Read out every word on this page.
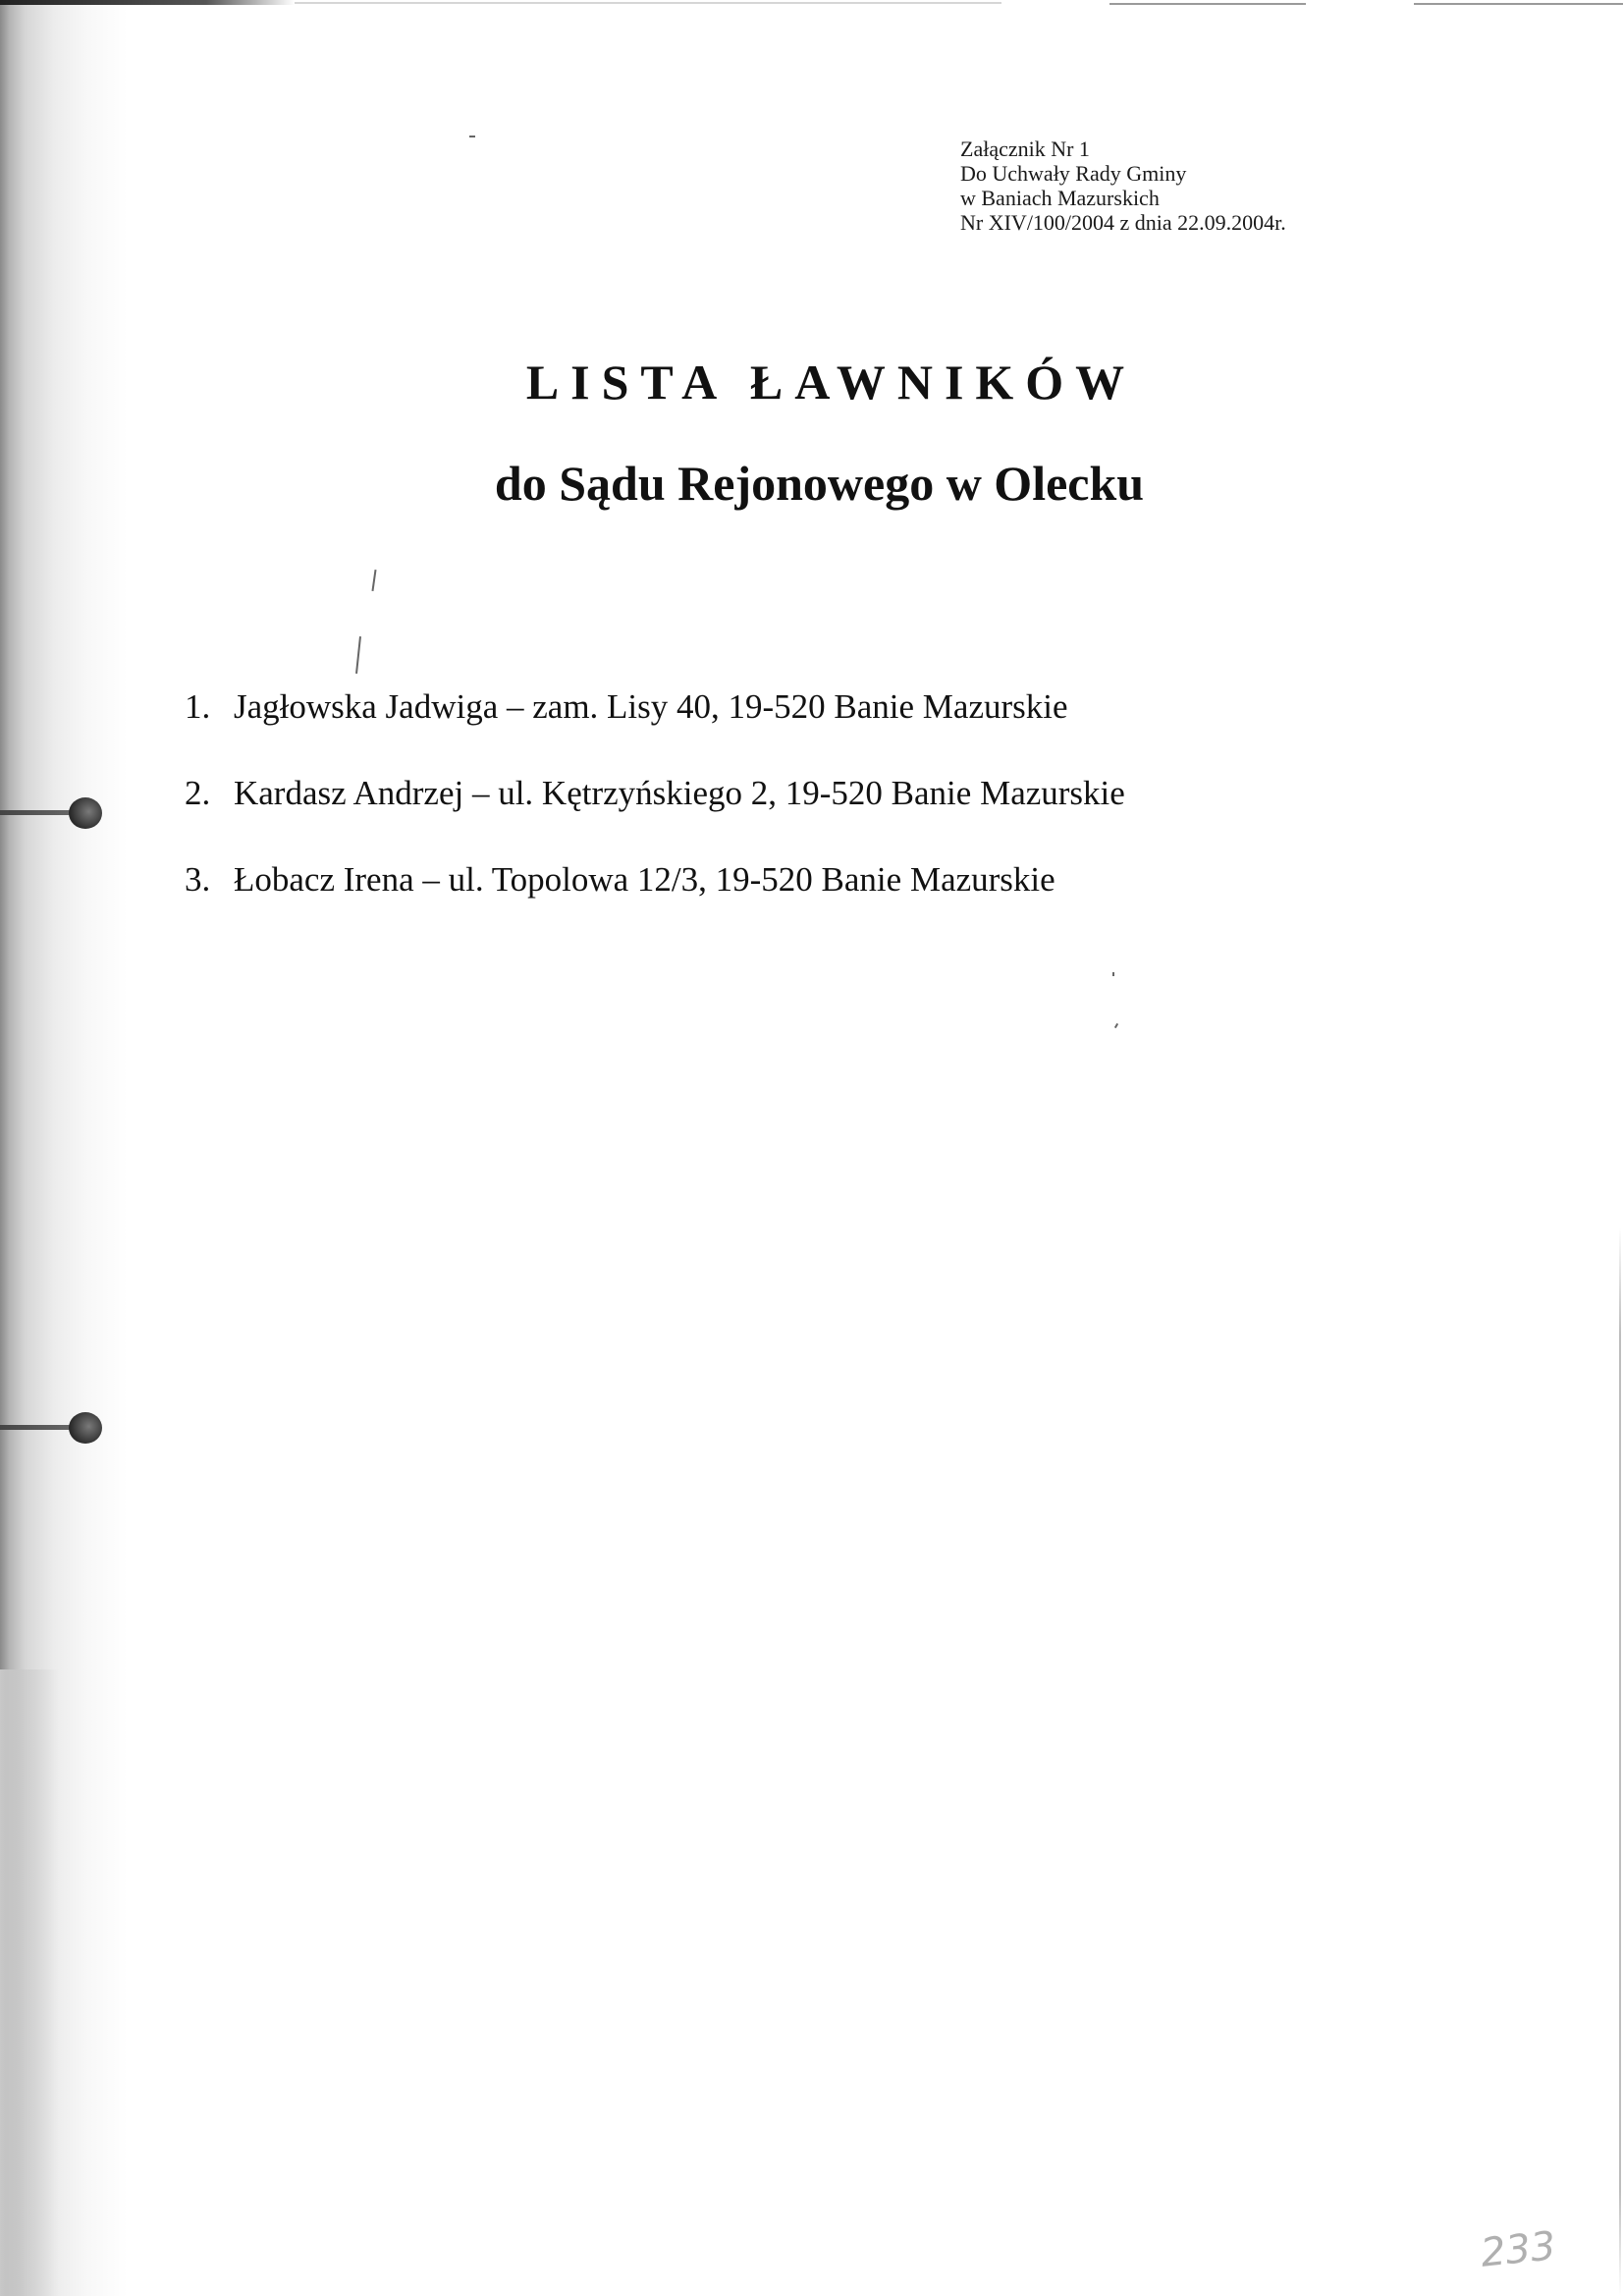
Załącznik Nr 1
Do Uchwały Rady Gminy
w Baniach Mazurskich
Nr XIV/100/2004 z dnia 22.09.2004r.
LISTA ŁAWNIKÓW
do Sądu Rejonowego w Olecku
1. Jagłowska Jadwiga – zam. Lisy 40, 19-520 Banie Mazurskie
2. Kardasz Andrzej – ul. Kętrzyńskiego 2, 19-520 Banie Mazurskie
3. Łobacz Irena – ul. Topolowa 12/3, 19-520 Banie Mazurskie
233
